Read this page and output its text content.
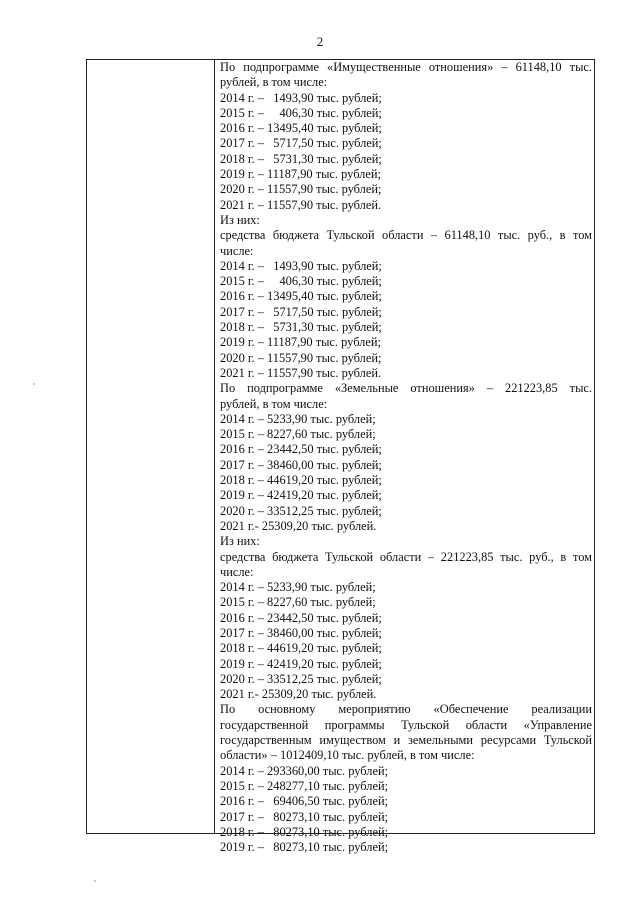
2
По подпрограмме «Имущественные отношения» – 61148,10 тыс.
рублей, в том числе:
2014 г. –   1493,90 тыс. рублей;
2015 г. –     406,30 тыс. рублей;
2016 г. – 13495,40 тыс. рублей;
2017 г. –   5717,50 тыс. рублей;
2018 г. –   5731,30 тыс. рублей;
2019 г. – 11187,90 тыс. рублей;
2020 г. – 11557,90 тыс. рублей;
2021 г. – 11557,90 тыс. рублей.
Из них:
средства бюджета Тульской области – 61148,10 тыс. руб., в том
числе:
2014 г. –   1493,90 тыс. рублей;
2015 г. –     406,30 тыс. рублей;
2016 г. – 13495,40 тыс. рублей;
2017 г. –   5717,50 тыс. рублей;
2018 г. –   5731,30 тыс. рублей;
2019 г. – 11187,90 тыс. рублей;
2020 г. – 11557,90 тыс. рублей;
2021 г. – 11557,90 тыс. рублей.
По подпрограмме «Земельные отношения» – 221223,85 тыс.
рублей, в том числе:
2014 г. – 5233,90 тыс. рублей;
2015 г. – 8227,60 тыс. рублей;
2016 г. – 23442,50 тыс. рублей;
2017 г. – 38460,00 тыс. рублей;
2018 г. – 44619,20 тыс. рублей;
2019 г. – 42419,20 тыс. рублей;
2020 г. – 33512,25 тыс. рублей;
2021 г.- 25309,20 тыс. рублей.
Из них:
средства бюджета Тульской области – 221223,85 тыс. руб., в том
числе:
2014 г. – 5233,90 тыс. рублей;
2015 г. – 8227,60 тыс. рублей;
2016 г. – 23442,50 тыс. рублей;
2017 г. – 38460,00 тыс. рублей;
2018 г. – 44619,20 тыс. рублей;
2019 г. – 42419,20 тыс. рублей;
2020 г. – 33512,25 тыс. рублей;
2021 г.- 25309,20 тыс. рублей.
По основному мероприятию «Обеспечение реализации
государственной программы Тульской области «Управление
государственным имуществом и земельными ресурсами Тульской
области» – 1012409,10 тыс. рублей, в том числе:
2014 г. – 293360,00 тыс. рублей;
2015 г. – 248277,10 тыс. рублей;
2016 г. –   69406,50 тыс. рублей;
2017 г. –   80273,10 тыс. рублей;
2018 г. –   80273,10 тыс. рублей;
2019 г. –   80273,10 тыс. рублей;
